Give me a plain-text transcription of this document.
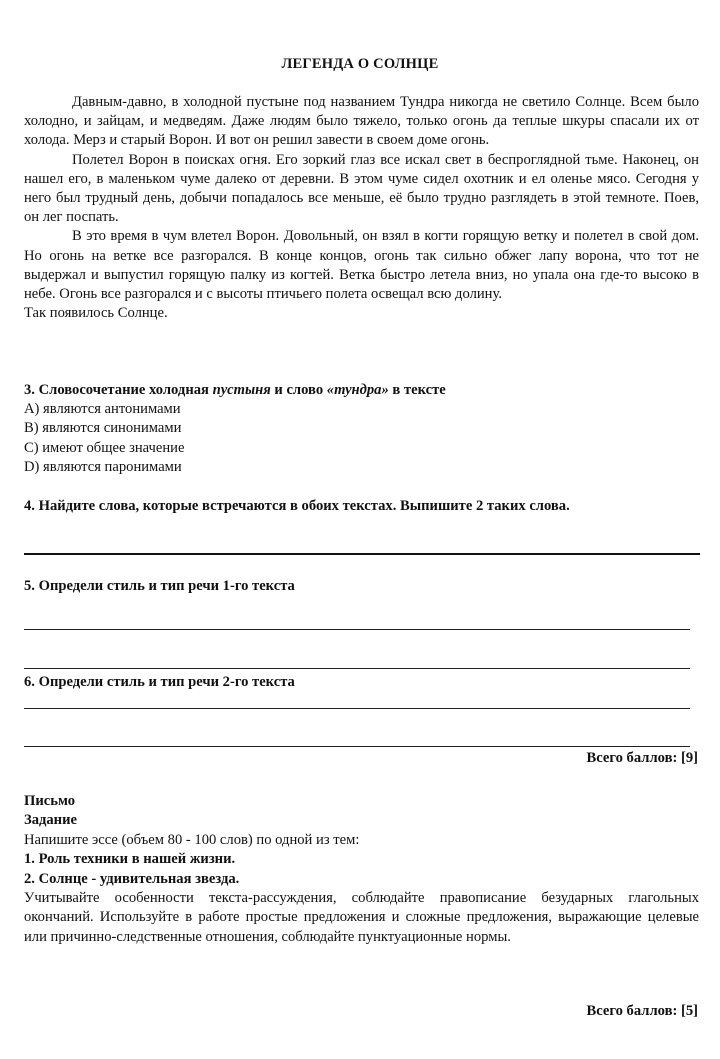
ЛЕГЕНДА О СОЛНЦЕ

Давным-давно, в холодной пустыне под названием Тундра никогда не светило Солнце. Всем было холодно, и зайцам, и медведям. Даже людям было тяжело, только огонь да теплые шкуры спасали их от холода. Мерз и старый Ворон. И вот он решил завести в своем доме огонь.

Полетел Ворон в поисках огня. Его зоркий глаз все искал свет в беспроглядной тьме. Наконец, он нашел его, в маленьком чуме далеко от деревни. В этом чуме сидел охотник и ел оленье мясо. Сегодня у него был трудный день, добычи попадалось все меньше, её было трудно разглядеть в этой темноте. Поев, он лег поспать.

В это время в чум влетел Ворон. Довольный, он взял в когти горящую ветку и полетел в свой дом. Но огонь на ветке все разгорался. В конце концов, огонь так сильно обжег лапу ворона, что тот не выдержал и выпустил горящую палку из когтей. Ветка быстро летела вниз, но упала она где-то высоко в небе. Огонь все разгорался и с высоты птичьего полета освещал всю долину.

Так появилось Солнце.

3. Словосочетание холодная пустыня и слово «тундра» в тексте
A) являются антонимами
B) являются синонимами
C) имеют общее значение
D) являются паронимами
4. Найдите слова, которые встречаются в обоих текстах. Выпишите 2 таких слова.
5. Определи стиль и тип речи 1-го текста
6. Определи стиль и тип речи 2-го текста
Всего баллов: [9]
Письмо
Задание
Напишите эссе (объем 80 - 100 слов) по одной из тем:
1. Роль техники в нашей жизни.
2. Солнце - удивительная звезда.
Учитывайте особенности текста-рассуждения, соблюдайте правописание безударных глагольных окончаний. Используйте в работе простые предложения и сложные предложения, выражающие целевые или причинно-следственные отношения, соблюдайте пунктуационные нормы.
Всего баллов: [5]
